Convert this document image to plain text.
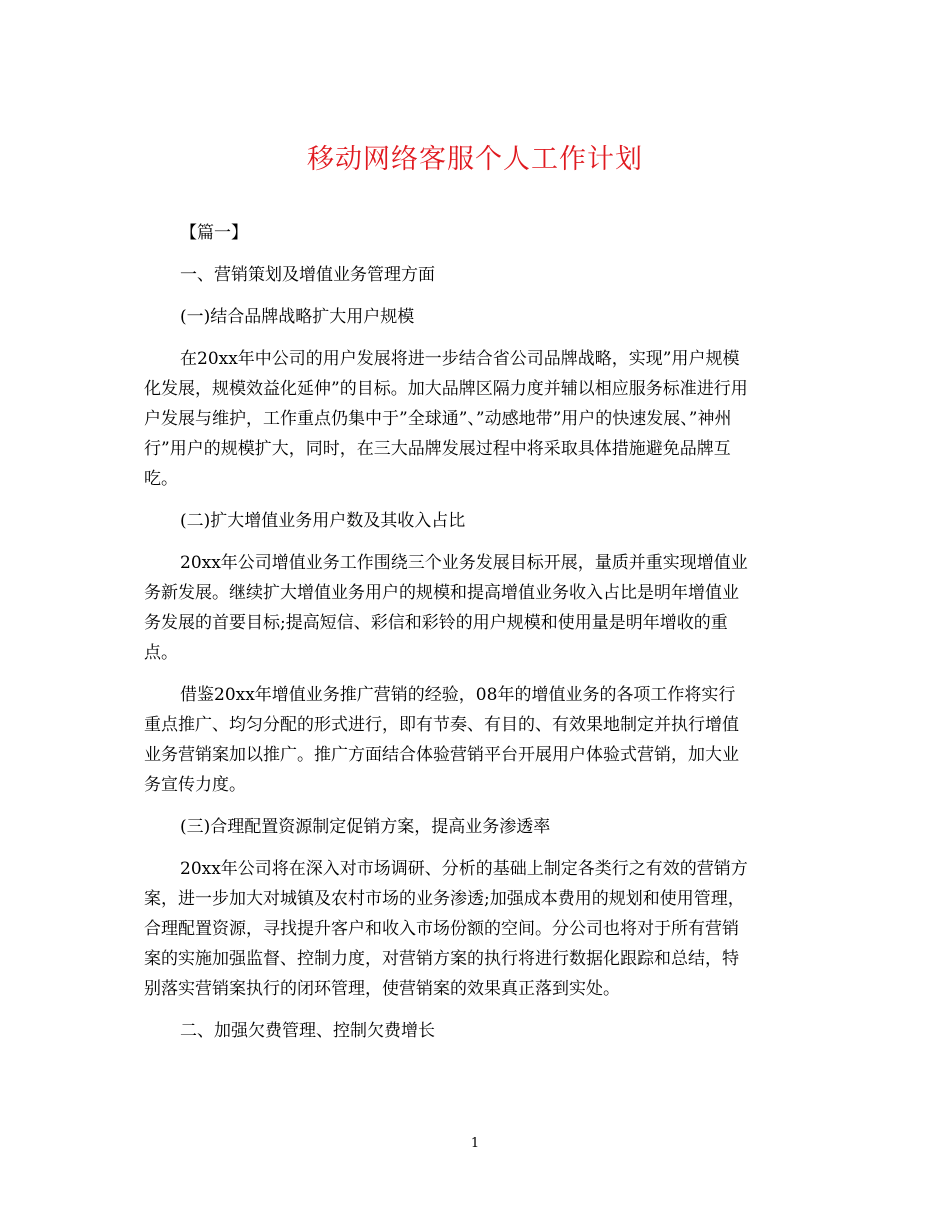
移动网络客服个人工作计划
【篇一】
一、营销策划及增值业务管理方面
(一)结合品牌战略扩大用户规模
在20xx年中公司的用户发展将进一步结合省公司品牌战略，实现”用户规模
化发展，规模效益化延伸”的目标。加大品牌区隔力度并辅以相应服务标准进行用
户发展与维护，工作重点仍集中于”全球通”、”动感地带”用户的快速发展、”神州
行”用户的规模扩大，同时，在三大品牌发展过程中将采取具体措施避免品牌互
吃。
(二)扩大增值业务用户数及其收入占比
20xx年公司增值业务工作围绕三个业务发展目标开展，量质并重实现增值业
务新发展。继续扩大增值业务用户的规模和提高增值业务收入占比是明年增值业
务发展的首要目标;提高短信、彩信和彩铃的用户规模和使用量是明年增收的重
点。
借鉴20xx年增值业务推广营销的经验，08年的增值业务的各项工作将实行
重点推广、均匀分配的形式进行，即有节奏、有目的、有效果地制定并执行增值
业务营销案加以推广。推广方面结合体验营销平台开展用户体验式营销，加大业
务宣传力度。
(三)合理配置资源制定促销方案，提高业务渗透率
20xx年公司将在深入对市场调研、分析的基础上制定各类行之有效的营销方
案，进一步加大对城镇及农村市场的业务渗透;加强成本费用的规划和使用管理，
合理配置资源，寻找提升客户和收入市场份额的空间。分公司也将对于所有营销
案的实施加强监督、控制力度，对营销方案的执行将进行数据化跟踪和总结，特
别落实营销案执行的闭环管理，使营销案的效果真正落到实处。
二、加强欠费管理、控制欠费增长
1
